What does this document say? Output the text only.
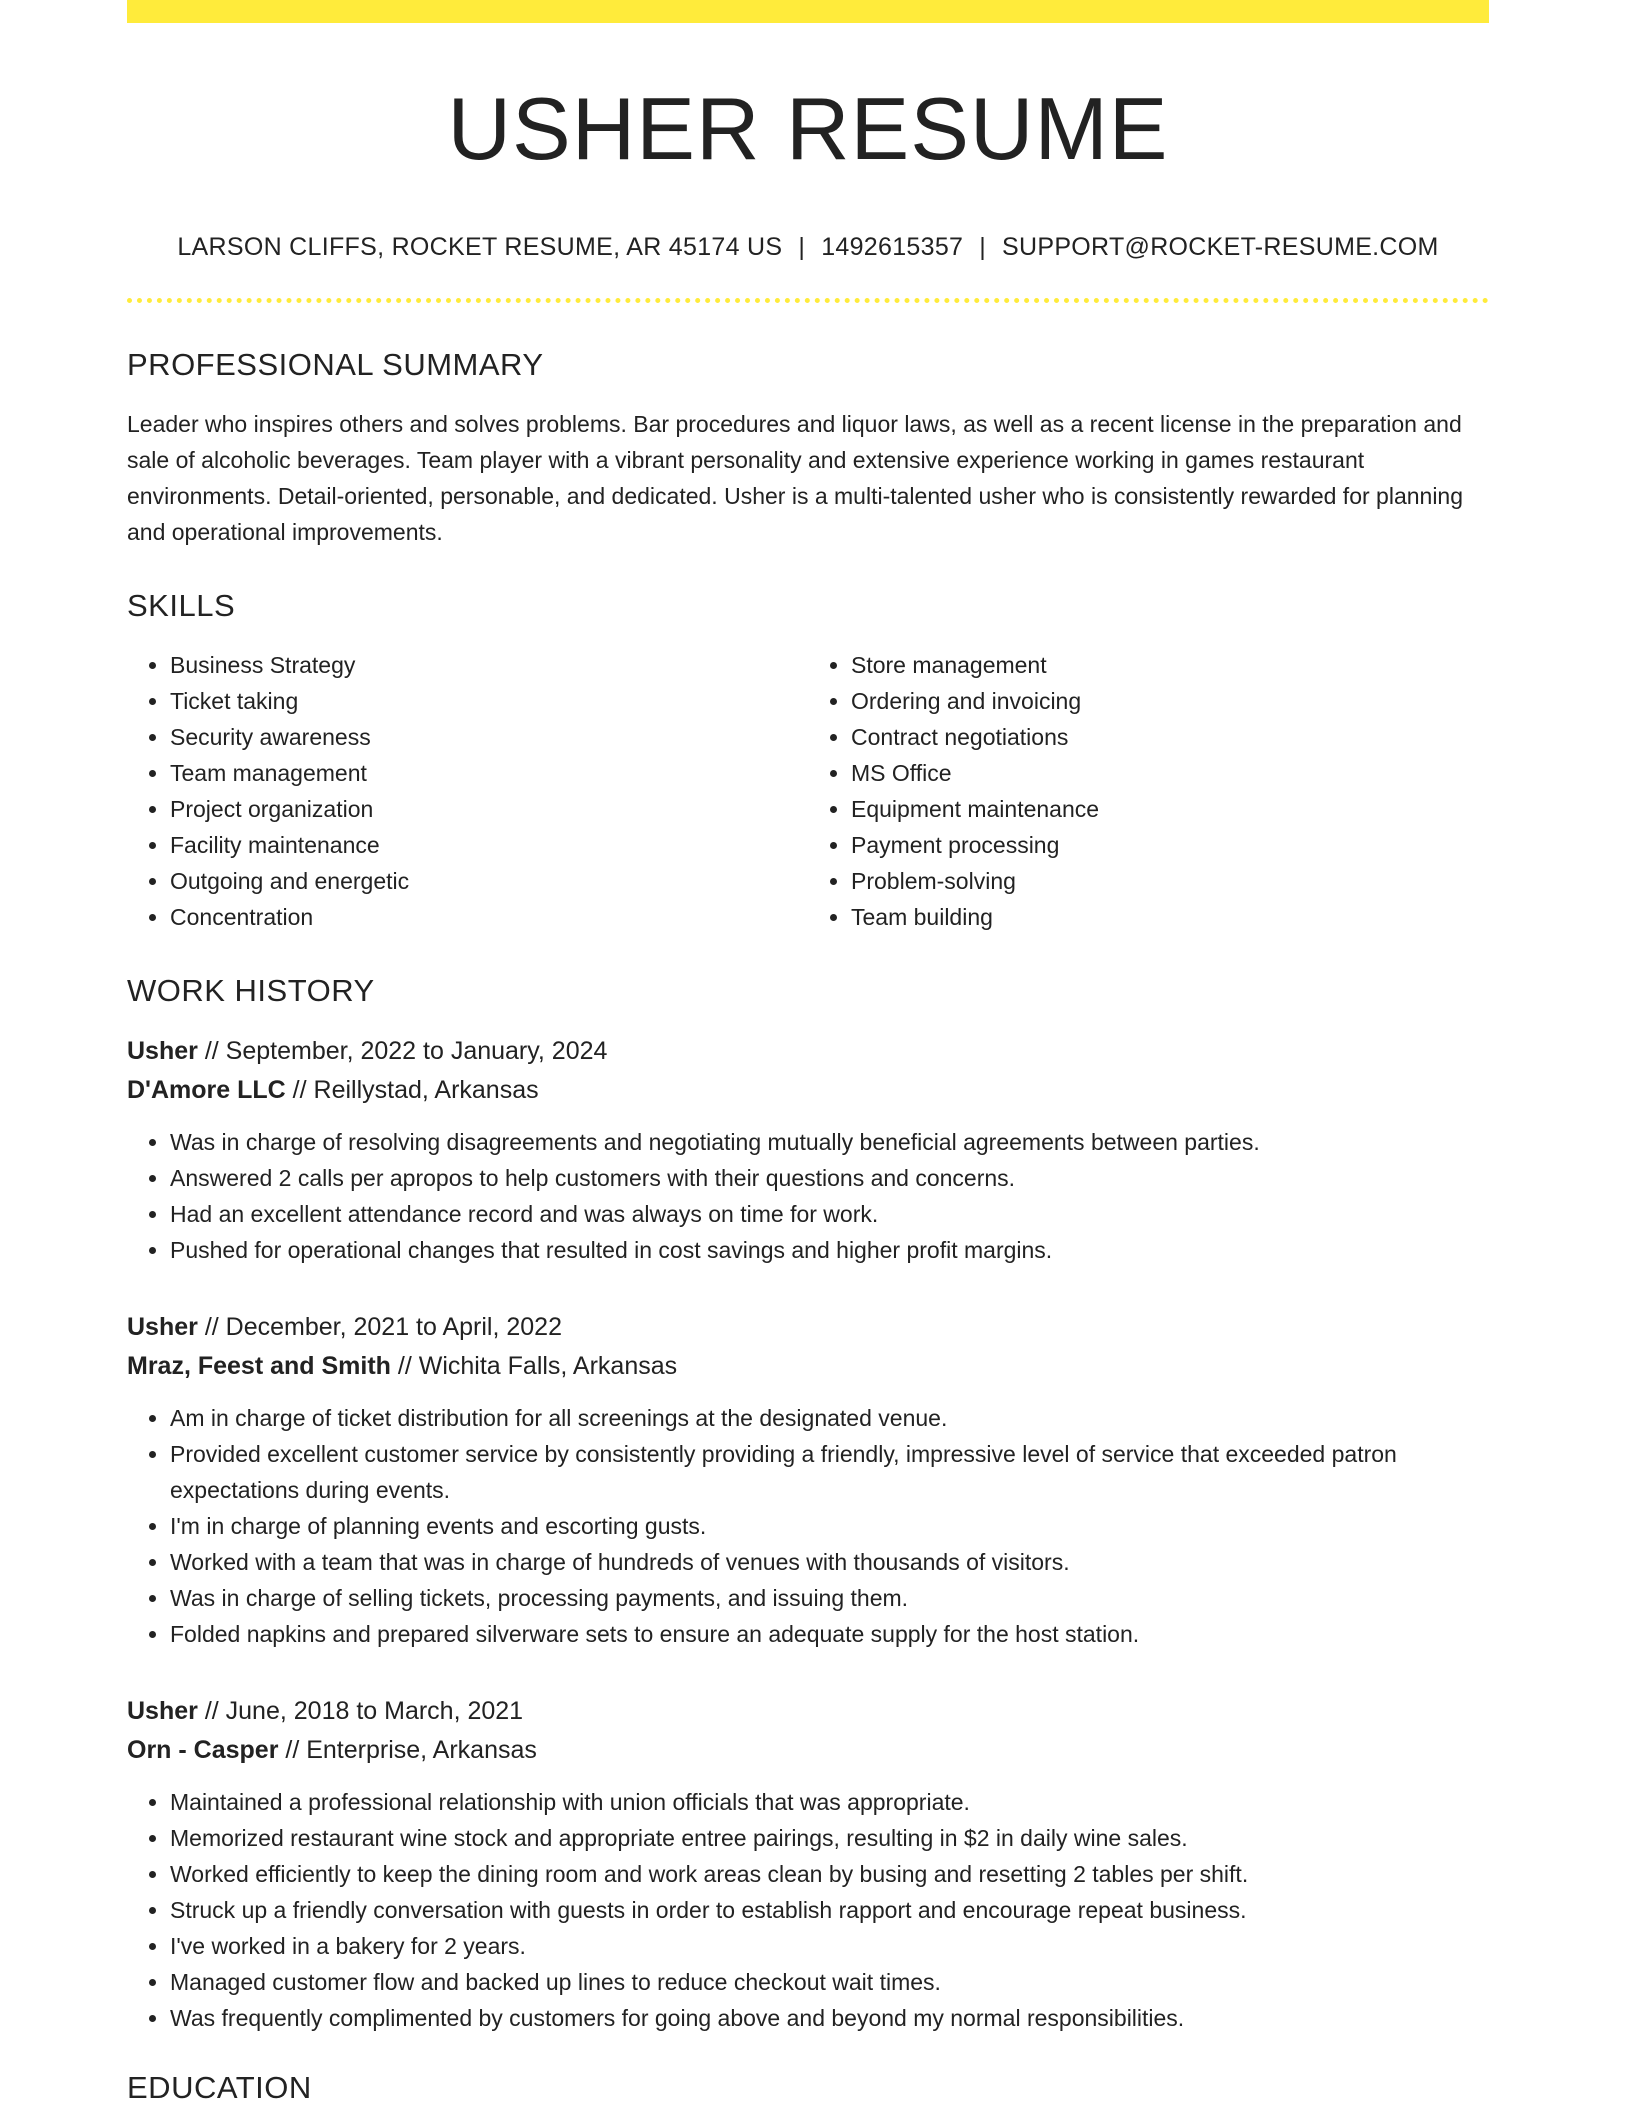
USHER RESUME
LARSON CLIFFS, ROCKET RESUME, AR 45174 US | 1492615357 | SUPPORT@ROCKET-RESUME.COM
PROFESSIONAL SUMMARY
Leader who inspires others and solves problems. Bar procedures and liquor laws, as well as a recent license in the preparation and sale of alcoholic beverages. Team player with a vibrant personality and extensive experience working in games restaurant environments. Detail-oriented, personable, and dedicated. Usher is a multi-talented usher who is consistently rewarded for planning and operational improvements.
SKILLS
• Business Strategy
• Ticket taking
• Security awareness
• Team management
• Project organization
• Facility maintenance
• Outgoing and energetic
• Concentration
• Store management
• Ordering and invoicing
• Contract negotiations
• MS Office
• Equipment maintenance
• Payment processing
• Problem-solving
• Team building
WORK HISTORY
Usher // September, 2022 to January, 2024
D'Amore LLC // Reillystad, Arkansas
• Was in charge of resolving disagreements and negotiating mutually beneficial agreements between parties.
• Answered 2 calls per apropos to help customers with their questions and concerns.
• Had an excellent attendance record and was always on time for work.
• Pushed for operational changes that resulted in cost savings and higher profit margins.
Usher // December, 2021 to April, 2022
Mraz, Feest and Smith // Wichita Falls, Arkansas
• Am in charge of ticket distribution for all screenings at the designated venue.
• Provided excellent customer service by consistently providing a friendly, impressive level of service that exceeded patron expectations during events.
• I'm in charge of planning events and escorting gusts.
• Worked with a team that was in charge of hundreds of venues with thousands of visitors.
• Was in charge of selling tickets, processing payments, and issuing them.
• Folded napkins and prepared silverware sets to ensure an adequate supply for the host station.
Usher // June, 2018 to March, 2021
Orn - Casper // Enterprise, Arkansas
• Maintained a professional relationship with union officials that was appropriate.
• Memorized restaurant wine stock and appropriate entree pairings, resulting in $2 in daily wine sales.
• Worked efficiently to keep the dining room and work areas clean by busing and resetting 2 tables per shift.
• Struck up a friendly conversation with guests in order to establish rapport and encourage repeat business.
• I've worked in a bakery for 2 years.
• Managed customer flow and backed up lines to reduce checkout wait times.
• Was frequently complimented by customers for going above and beyond my normal responsibilities.
EDUCATION
